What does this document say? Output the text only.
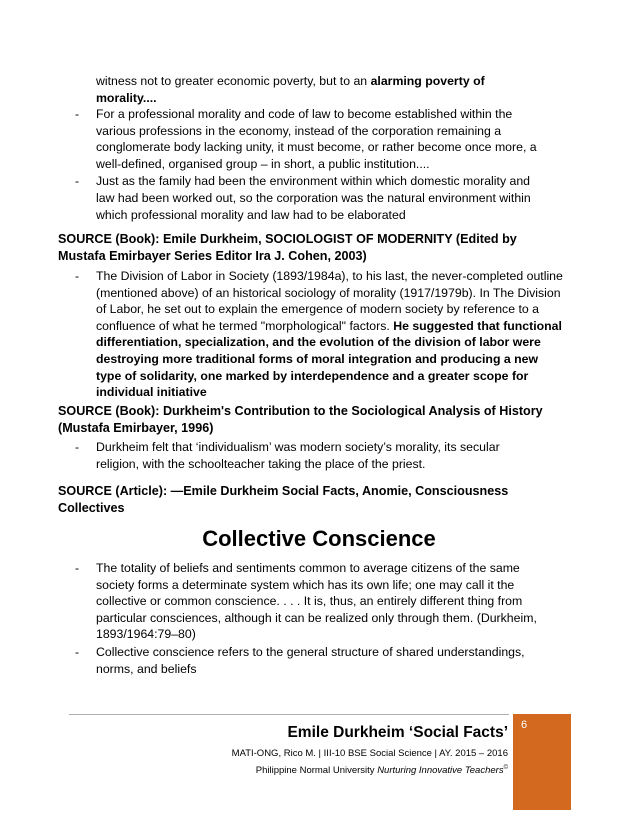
witness not to greater economic poverty, but to an alarming poverty of morality....
- For a professional morality and code of law to become established within the various professions in the economy, instead of the corporation remaining a conglomerate body lacking unity, it must become, or rather become once more, a well-defined, organised group – in short, a public institution....
- Just as the family had been the environment within which domestic morality and law had been worked out, so the corporation was the natural environment within which professional morality and law had to be elaborated
SOURCE (Book): Emile Durkheim, SOCIOLOGIST OF MODERNITY (Edited by Mustafa Emirbayer Series Editor Ira J. Cohen, 2003)
- The Division of Labor in Society (1893/1984a), to his last, the never-completed outline (mentioned above) of an historical sociology of morality (1917/1979b). In The Division of Labor, he set out to explain the emergence of modern society by reference to a confluence of what he termed "morphological" factors. He suggested that functional differentiation, specialization, and the evolution of the division of labor were destroying more traditional forms of moral integration and producing a new type of solidarity, one marked by interdependence and a greater scope for individual initiative
SOURCE (Book): Durkheim's Contribution to the Sociological Analysis of History (Mustafa Emirbayer, 1996)
- Durkheim felt that ‘individualism’ was modern society’s morality, its secular religion, with the schoolteacher taking the place of the priest.
SOURCE (Article): ―Emile Durkheim Social Facts, Anomie, Consciousness Collectives
Collective Conscience
- The totality of beliefs and sentiments common to average citizens of the same society forms a determinate system which has its own life; one may call it the collective or common conscience. . . . It is, thus, an entirely different thing from particular consciences, although it can be realized only through them. (Durkheim, 1893/1964:79–80)
- Collective conscience refers to the general structure of shared understandings, norms, and beliefs
Emile Durkheim ‘Social Facts’
MATI-ONG, Rico M. | III-10 BSE Social Science | AY. 2015 – 2016
Philippine Normal University Nurturing Innovative Teachers©
6
